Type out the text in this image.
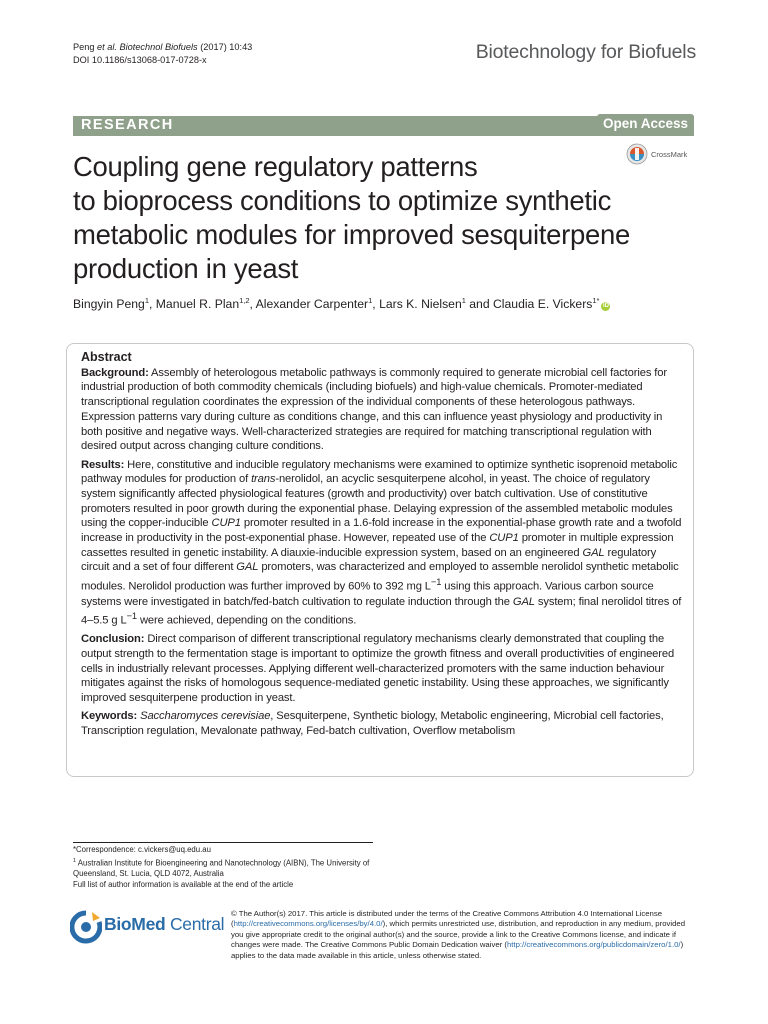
Peng et al. Biotechnol Biofuels (2017) 10:43
DOI 10.1186/s13068-017-0728-x	Biotechnology for Biofuels
RESEARCH	Open Access
CrossMark
Coupling gene regulatory patterns
to bioprocess conditions to optimize synthetic
metabolic modules for improved sesquiterpene
production in yeast
Bingyin Peng$^1$, Manuel R. Plan$^{1,2}$, Alexander Carpenter$^1$, Lars K. Nielsen$^1$ and Claudia E. Vickers$^{1*}$iD
Abstract

Background: Assembly of heterologous metabolic pathways is commonly required to generate microbial cell factories for industrial production of both commodity chemicals (including biofuels) and high-value chemicals. Promoter-mediated transcriptional regulation coordinates the expression of the individual components of these heterologous pathways. Expression patterns vary during culture as conditions change, and this can influence yeast physiology and productivity in both positive and negative ways. Well-characterized strategies are required for matching transcriptional regulation with desired output across changing culture conditions.

Results: Here, constitutive and inducible regulatory mechanisms were examined to optimize synthetic isoprenoid metabolic pathway modules for production of trans-nerolidol, an acyclic sesquiterpene alcohol, in yeast. The choice of regulatory system significantly affected physiological features (growth and productivity) over batch cultivation. Use of constitutive promoters resulted in poor growth during the exponential phase. Delaying expression of the assembled metabolic modules using the copper-inducible CUP1 promoter resulted in a 1.6-fold increase in the exponential-phase growth rate and a twofold increase in productivity in the post-exponential phase. However, repeated use of the CUP1 promoter in multiple expression cassettes resulted in genetic instability. A diauxie-inducible expression system, based on an engineered GAL regulatory circuit and a set of four different GAL promoters, was characterized and employed to assemble nerolidol synthetic metabolic modules. Nerolidol production was further improved by 60% to 392 mg $L^{-1}$ using this approach. Various carbon source systems were investigated in batch/fed-batch cultivation to regulate induction through the GAL system; final nerolidol titres of 4–5.5 g $L^{-1}$ were achieved, depending on the conditions.

Conclusion: Direct comparison of different transcriptional regulatory mechanisms clearly demonstrated that coupling the output strength to the fermentation stage is important to optimize the growth fitness and overall productivities of engineered cells in industrially relevant processes. Applying different well-characterized promoters with the same induction behaviour mitigates against the risks of homologous sequence-mediated genetic instability. Using these approaches, we significantly improved sesquiterpene production in yeast.

Keywords: Saccharomyces cerevisiae, Sesquiterpene, Synthetic biology, Metabolic engineering, Microbial cell factories, Transcription regulation, Mevalonate pathway, Fed-batch cultivation, Overflow metabolism

*Correspondence: c.vickers@uq.edu.au
$^1$ Australian Institute for Bioengineering and Nanotechnology (AIBN), The University of Queensland, St. Lucia, QLD 4072, Australia
Full list of author information is available at the end of the article
BioMed Central
© The Author(s) 2017. This article is distributed under the terms of the Creative Commons Attribution 4.0 International License (http://creativecommons.org/licenses/by/4.0/), which permits unrestricted use, distribution, and reproduction in any medium, provided you give appropriate credit to the original author(s) and the source, provide a link to the Creative Commons license, and indicate if changes were made. The Creative Commons Public Domain Dedication waiver (http://creativecommons.org/publicdomain/zero/1.0/) applies to the data made available in this article, unless otherwise stated.
